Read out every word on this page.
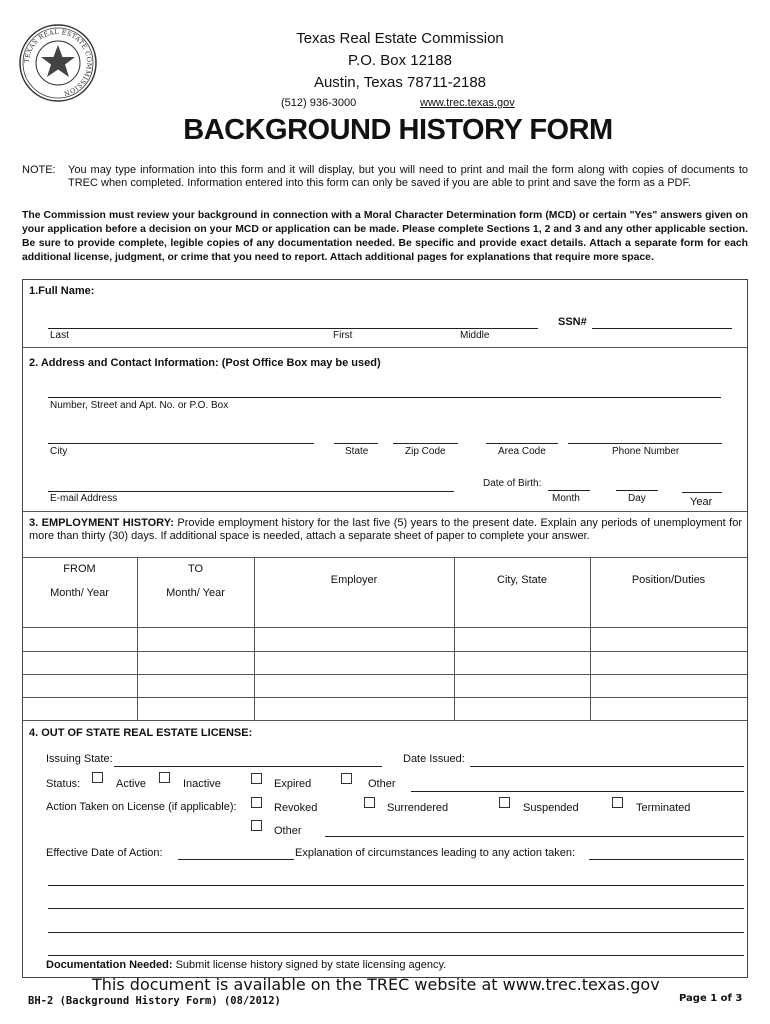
TEXAS REAL ESTATE COMMISSION
Texas Real Estate Commission
P.O. Box 12188
Austin, Texas 78711-2188
(512) 936-3000	www.trec.texas.gov
BACKGROUND HISTORY FORM
NOTE: You may type information into this form and it will display, but you will need to print and mail the form along with copies of documents to TREC when completed. Information entered into this form can only be saved if you are able to print and save the form as a PDF.
The Commission must review your background in connection with a Moral Character Determination form (MCD) or certain "Yes" answers given on your application before a decision on your MCD or application can be made. Please complete Sections 1, 2 and 3 and any other applicable section. Be sure to provide complete, legible copies of any documentation needed. Be specific and provide exact details. Attach a separate form for each additional license, judgment, or crime that you need to report. Attach additional pages for explanations that require more space.
1.Full Name:
SSN#
Last	First	Middle
2. Address and Contact Information: (Post Office Box may be used)
Number, Street and Apt. No. or P.O. Box
City	State	Zip Code	Area Code	Phone Number
Date of Birth:
E-mail Address	Month	Day	Year
3. EMPLOYMENT HISTORY: Provide employment history for the last five (5) years to the present date. Explain any periods of unemployment for more than thirty (30) days. If additional space is needed, attach a separate sheet of paper to complete your answer.
FROM	TO
Month/ Year	Month/ Year
Employer	City, State	Position/Duties
4. OUT OF STATE REAL ESTATE LICENSE:
Issuing State:	Date Issued:
Status:	Active	Inactive	Expired	Other
Action Taken on License (if applicable):	Revoked	Surrendered	Suspended	Terminated
Other
Effective Date of Action:	Explanation of circumstances leading to any action taken:
Documentation Needed: Submit license history signed by state licensing agency.
This document is available on the TREC website at www.trec.texas.gov
BH-2 (Background History Form) (08/2012)	Page 1 of 3
